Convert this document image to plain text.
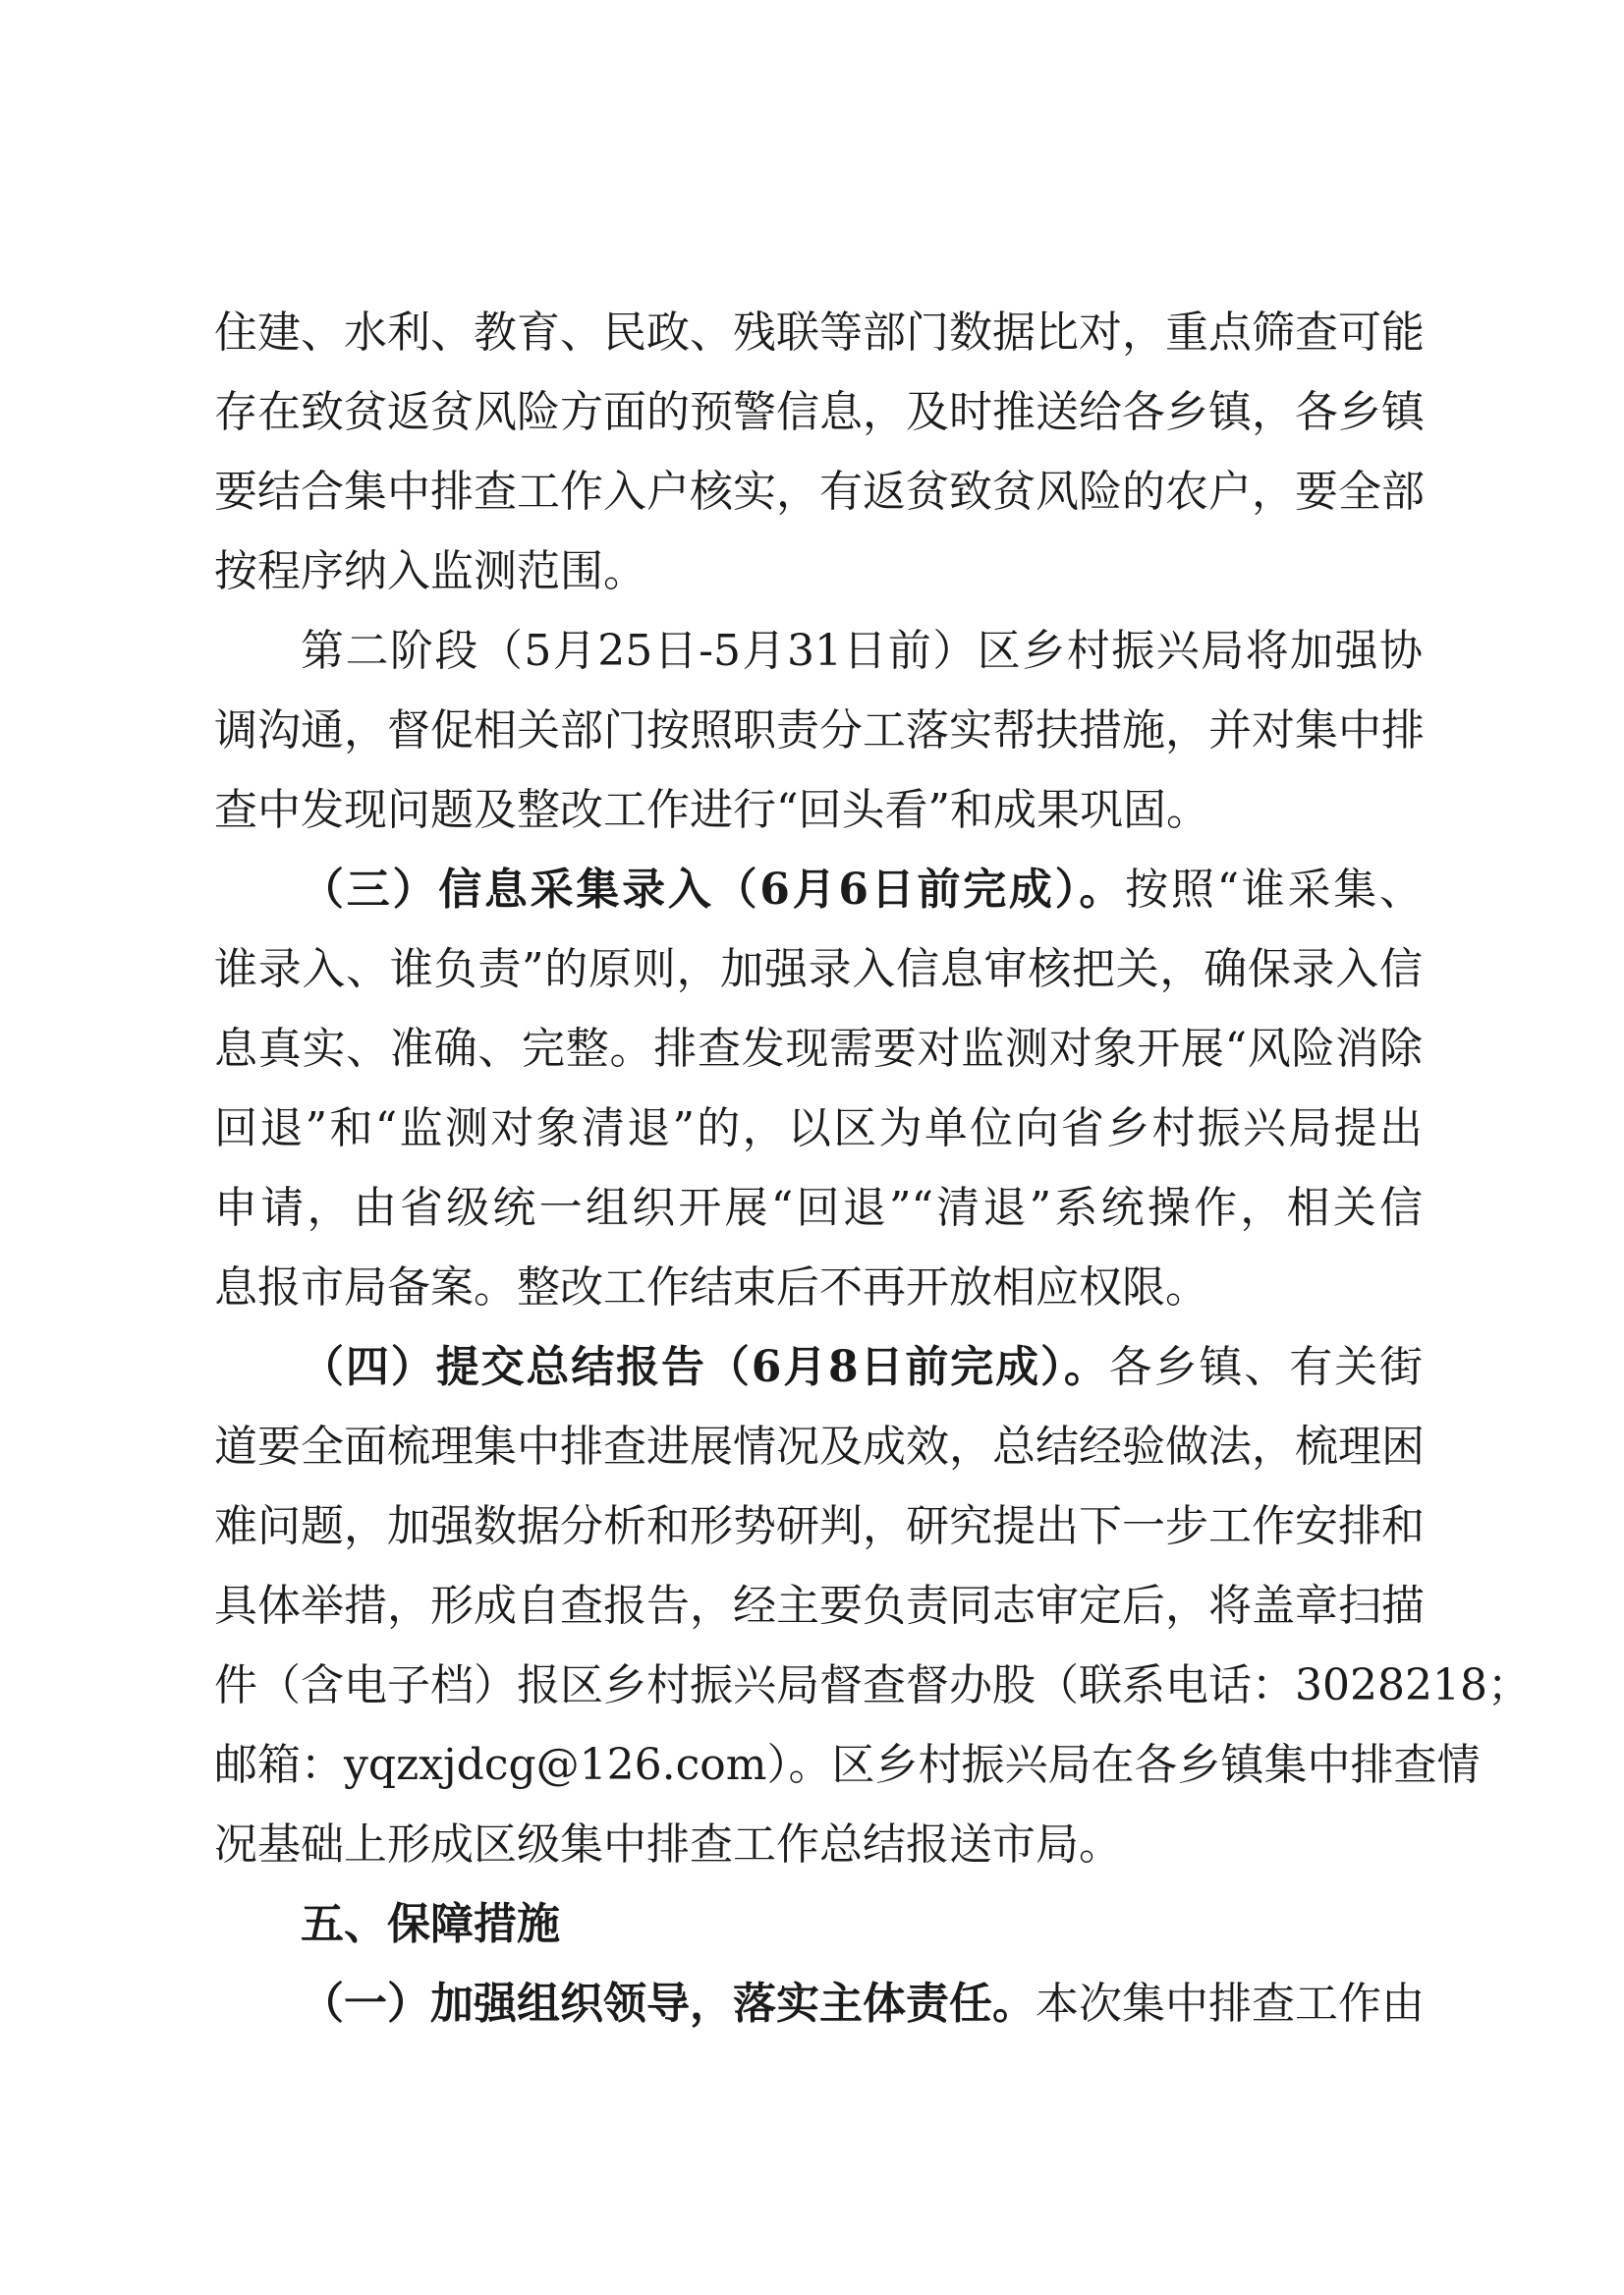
住建、水利、教育、民政、残联等部门数据比对，重点筛查可能
存在致贫返贫风险方面的预警信息，及时推送给各乡镇，各乡镇
要结合集中排查工作入户核实，有返贫致贫风险的农户，要全部
按程序纳入监测范围。
第二阶段（5月25日-5月31日前）区乡村振兴局将加强协
调沟通，督促相关部门按照职责分工落实帮扶措施，并对集中排
查中发现问题及整改工作进行“回头看”和成果巩固。
（三）信息采集录入（6月6日前完成）。按照“谁采集、
谁录入、谁负责”的原则，加强录入信息审核把关，确保录入信
息真实、准确、完整。排查发现需要对监测对象开展“风险消除
回退”和“监测对象清退”的，以区为单位向省乡村振兴局提出
申请，由省级统一组织开展“回退”“清退”系统操作，相关信
息报市局备案。整改工作结束后不再开放相应权限。
（四）提交总结报告（6月8日前完成）。各乡镇、有关街
道要全面梳理集中排查进展情况及成效，总结经验做法，梳理困
难问题，加强数据分析和形势研判，研究提出下一步工作安排和
具体举措，形成自查报告，经主要负责同志审定后，将盖章扫描
件（含电子档）报区乡村振兴局督查督办股（联系电话：3028218；
邮箱：yqzxjdcg@126.com）。区乡村振兴局在各乡镇集中排查情
况基础上形成区级集中排查工作总结报送市局。
五、保障措施
（一）加强组织领导，落实主体责任。本次集中排查工作由
